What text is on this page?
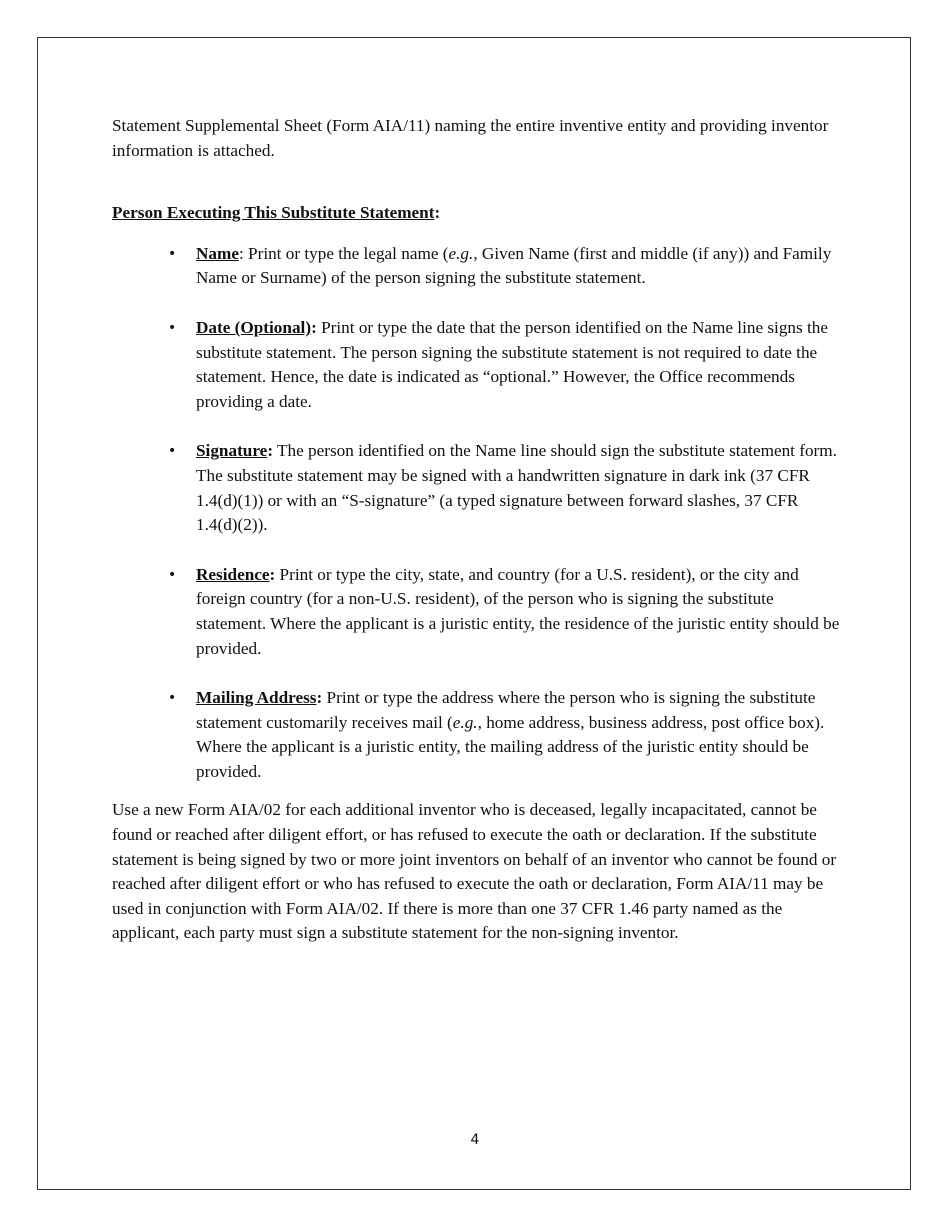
Statement Supplemental Sheet (Form AIA/11) naming the entire inventive entity and providing inventor information is attached.

Person Executing This Substitute Statement:

• Name: Print or type the legal name (e.g., Given Name (first and middle (if any)) and Family Name or Surname) of the person signing the substitute statement.
• Date (Optional): Print or type the date that the person identified on the Name line signs the substitute statement. The person signing the substitute statement is not required to date the statement. Hence, the date is indicated as “optional.” However, the Office recommends providing a date.
• Signature: The person identified on the Name line should sign the substitute statement form. The substitute statement may be signed with a handwritten signature in dark ink (37 CFR 1.4(d)(1)) or with an “S-signature” (a typed signature between forward slashes, 37 CFR 1.4(d)(2)).
• Residence: Print or type the city, state, and country (for a U.S. resident), or the city and foreign country (for a non-U.S. resident), of the person who is signing the substitute statement. Where the applicant is a juristic entity, the residence of the juristic entity should be provided.
• Mailing Address: Print or type the address where the person who is signing the substitute statement customarily receives mail (e.g., home address, business address, post office box). Where the applicant is a juristic entity, the mailing address of the juristic entity should be provided.

Use a new Form AIA/02 for each additional inventor who is deceased, legally incapacitated, cannot be found or reached after diligent effort, or has refused to execute the oath or declaration. If the substitute statement is being signed by two or more joint inventors on behalf of an inventor who cannot be found or reached after diligent effort or who has refused to execute the oath or declaration, Form AIA/11 may be used in conjunction with Form AIA/02. If there is more than one 37 CFR 1.46 party named as the applicant, each party must sign a substitute statement for the non-signing inventor.

4
